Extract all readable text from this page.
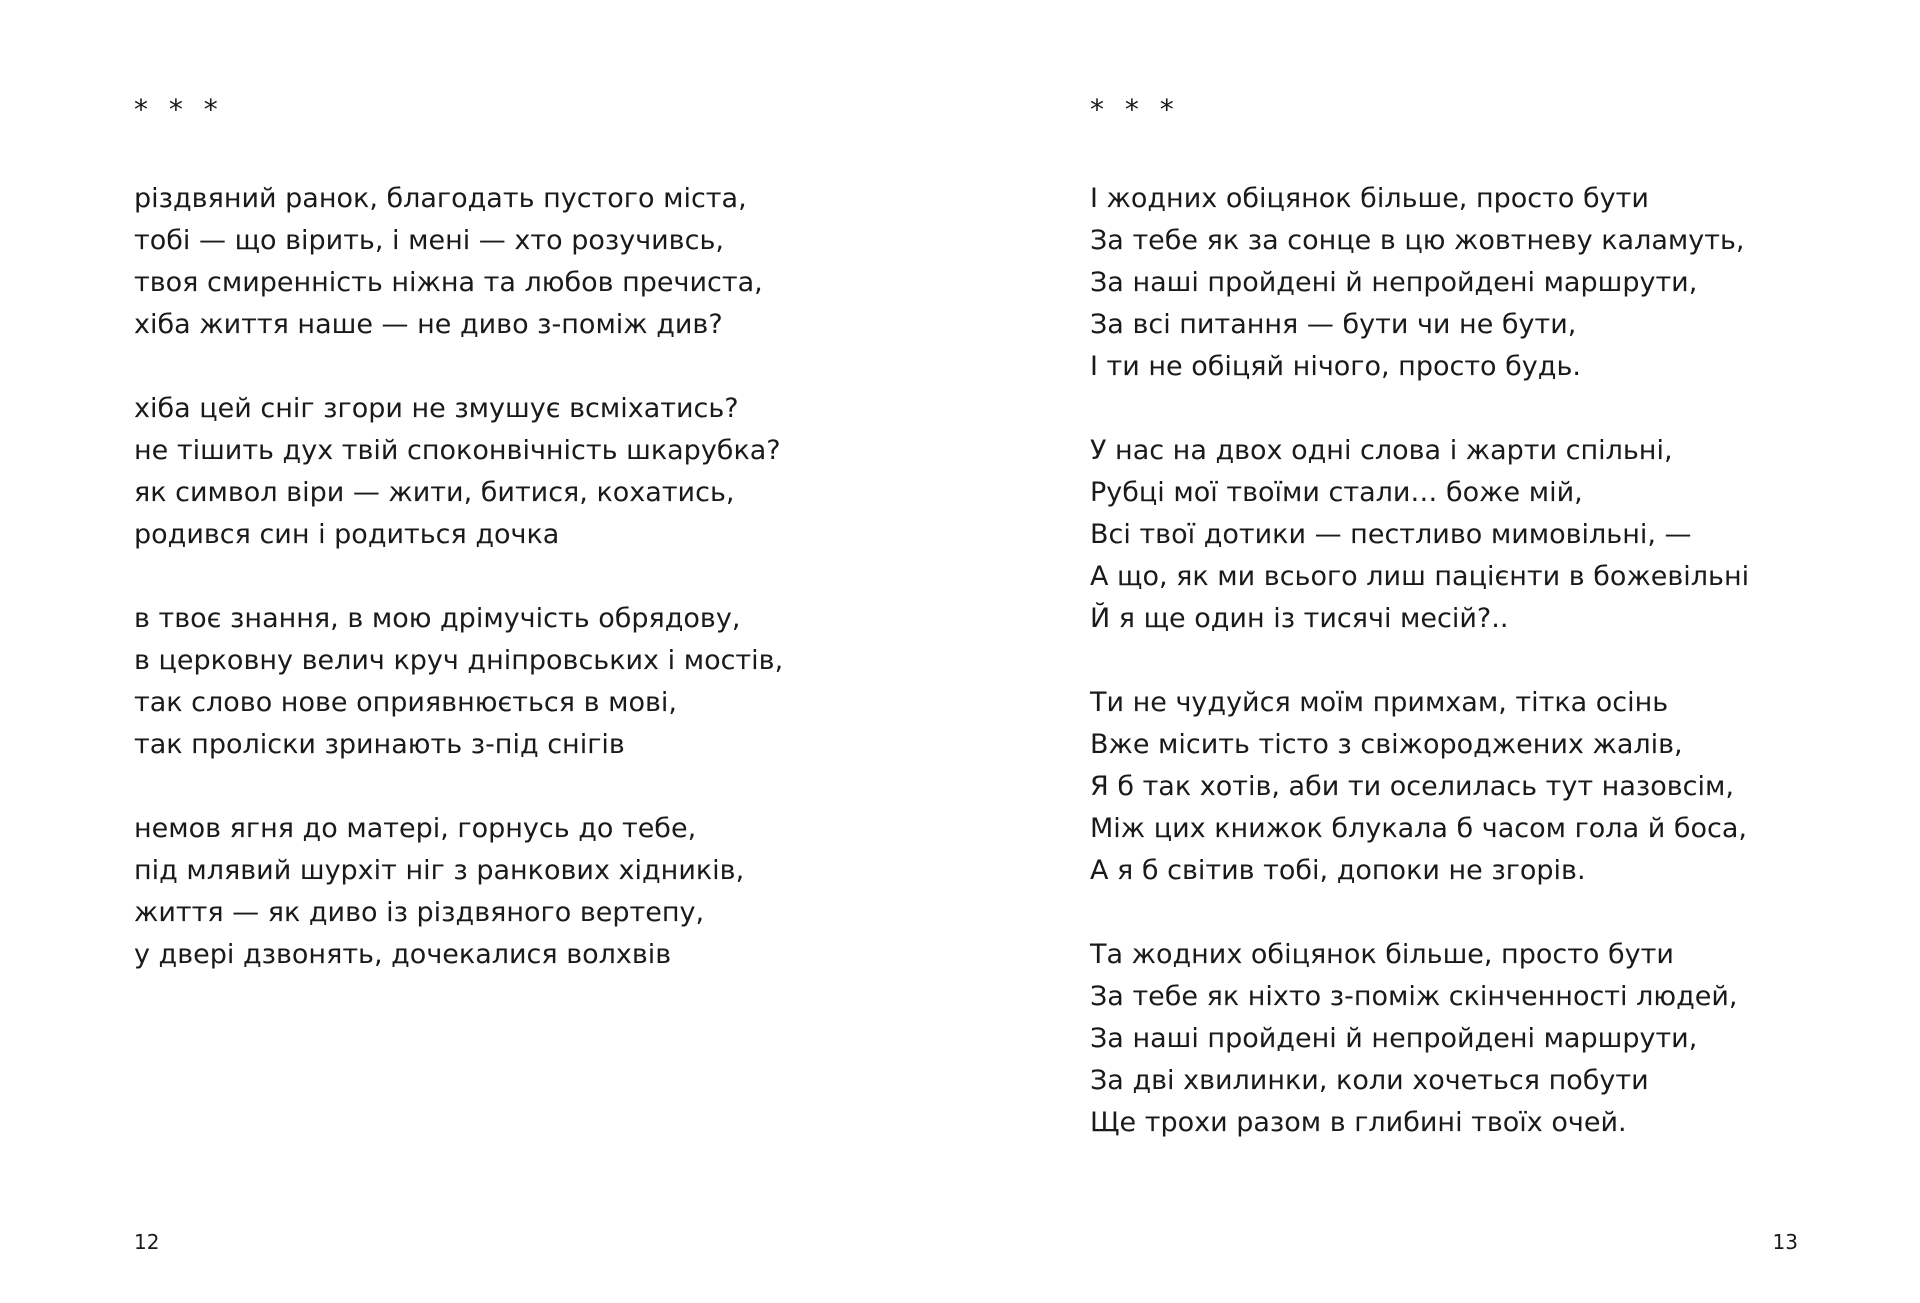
* * *
різдвяний ранок, благодать пустого міста,
тобі — що вірить, і мені — хто розучивсь,
твоя смиренність ніжна та любов пречиста,
хіба життя наше — не диво з-поміж див?
хіба цей сніг згори не змушує всміхатись?
не тішить дух твій споконвічність шкарубка?
як символ віри — жити, битися, кохатись,
родився син і родиться дочка
в твоє знання, в мою дрімучість обрядову,
в церковну велич круч дніпровських і мостів,
так слово нове оприявнюється в мові,
так проліски зринають з-під снігів
немов ягня до матері, горнусь до тебе,
під млявий шурхіт ніг з ранкових хідників,
життя — як диво із різдвяного вертепу,
у двері дзвонять, дочекалися волхвів
12
* * *
І жодних обіцянок більше, просто бути
За тебе як за сонце в цю жовтневу каламуть,
За наші пройдені й непройдені маршрути,
За всі питання — бути чи не бути,
І ти не обіцяй нічого, просто будь.
У нас на двох одні слова і жарти спільні,
Рубці мої твоїми стали… боже мій,
Всі твої дотики — пестливо мимовільні, —
А що, як ми всього лиш пацієнти в божевільні
Й я ще один із тисячі месій?..
Ти не чудуйся моїм примхам, тітка осінь
Вже місить тісто з свіжороджених жалів,
Я б так хотів, аби ти оселилась тут назовсім,
Між цих книжок блукала б часом гола й боса,
А я б світив тобі, допоки не згорів.
Та жодних обіцянок більше, просто бути
За тебе як ніхто з-поміж скінченності людей,
За наші пройдені й непройдені маршрути,
За дві хвилинки, коли хочеться побути
Ще трохи разом в глибині твоїх очей.
13
